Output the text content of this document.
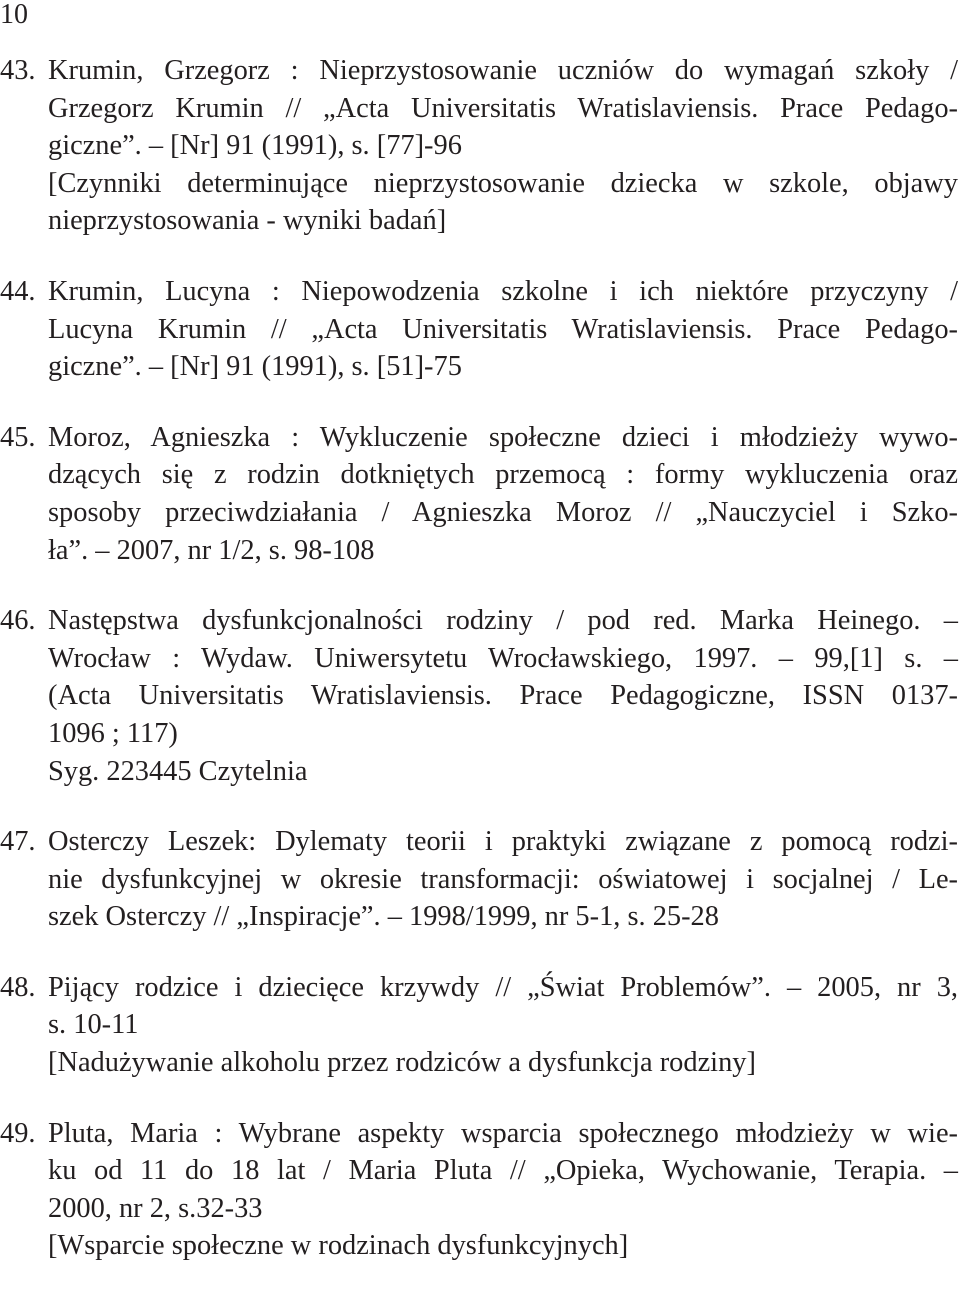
10
43. Krumin, Grzegorz : Nieprzystosowanie uczniów do wymagań szkoły /
Grzegorz Krumin // „Acta Universitatis Wratislaviensis. Prace Pedago-
giczne”. – [Nr] 91 (1991), s. [77]-96
[Czynniki determinujące nieprzystosowanie dziecka w szkole, objawy
nieprzystosowania - wyniki badań]
44. Krumin, Lucyna : Niepowodzenia szkolne i ich niektóre przyczyny /
Lucyna Krumin // „Acta Universitatis Wratislaviensis. Prace Pedago-
giczne”. – [Nr] 91 (1991), s. [51]-75
45. Moroz, Agnieszka : Wykluczenie społeczne dzieci i młodzieży wywo-
dzących się z rodzin dotkniętych przemocą : formy wykluczenia oraz
sposoby przeciwdziałania / Agnieszka Moroz // „Nauczyciel i Szko-
ła”. – 2007, nr 1/2, s. 98-108
46. Następstwa dysfunkcjonalności rodziny / pod red. Marka Heinego. –
Wrocław : Wydaw. Uniwersytetu Wrocławskiego, 1997. – 99,[1] s. –
(Acta Universitatis Wratislaviensis. Prace Pedagogiczne, ISSN 0137-
1096 ; 117)
Syg. 223445 Czytelnia
47. Osterczy Leszek: Dylematy teorii i praktyki związane z pomocą rodzi-
nie dysfunkcyjnej w okresie transformacji: oświatowej i socjalnej / Le-
szek Osterczy // „Inspiracje”. – 1998/1999, nr 5-1, s. 25-28
48. Pijący rodzice i dziecięce krzywdy // „Świat Problemów”. – 2005, nr 3,
s. 10-11
[Nadużywanie alkoholu przez rodziców a dysfunkcja rodziny]
49. Pluta, Maria : Wybrane aspekty wsparcia społecznego młodzieży w wie-
ku od 11 do 18 lat / Maria Pluta // „Opieka, Wychowanie, Terapia. –
2000, nr 2, s.32-33
[Wsparcie społeczne w rodzinach dysfunkcyjnych]
